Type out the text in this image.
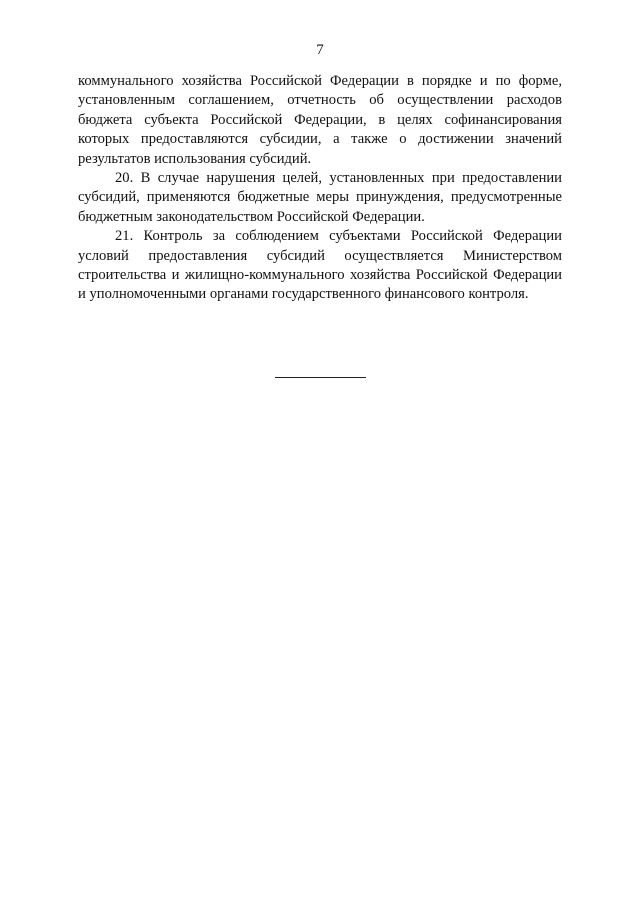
7

коммунального хозяйства Российской Федерации в порядке и по форме, установленным соглашением, отчетность об осуществлении расходов бюджета субъекта Российской Федерации, в целях софинансирования которых предоставляются субсидии, а также о достижении значений результатов использования субсидий.

20. В случае нарушения целей, установленных при предоставлении субсидий, применяются бюджетные меры принуждения, предусмотренные бюджетным законодательством Российской Федерации.

21. Контроль за соблюдением субъектами Российской Федерации условий предоставления субсидий осуществляется Министерством строительства и жилищно-коммунального хозяйства Российской Федерации и уполномоченными органами государственного финансового контроля.
